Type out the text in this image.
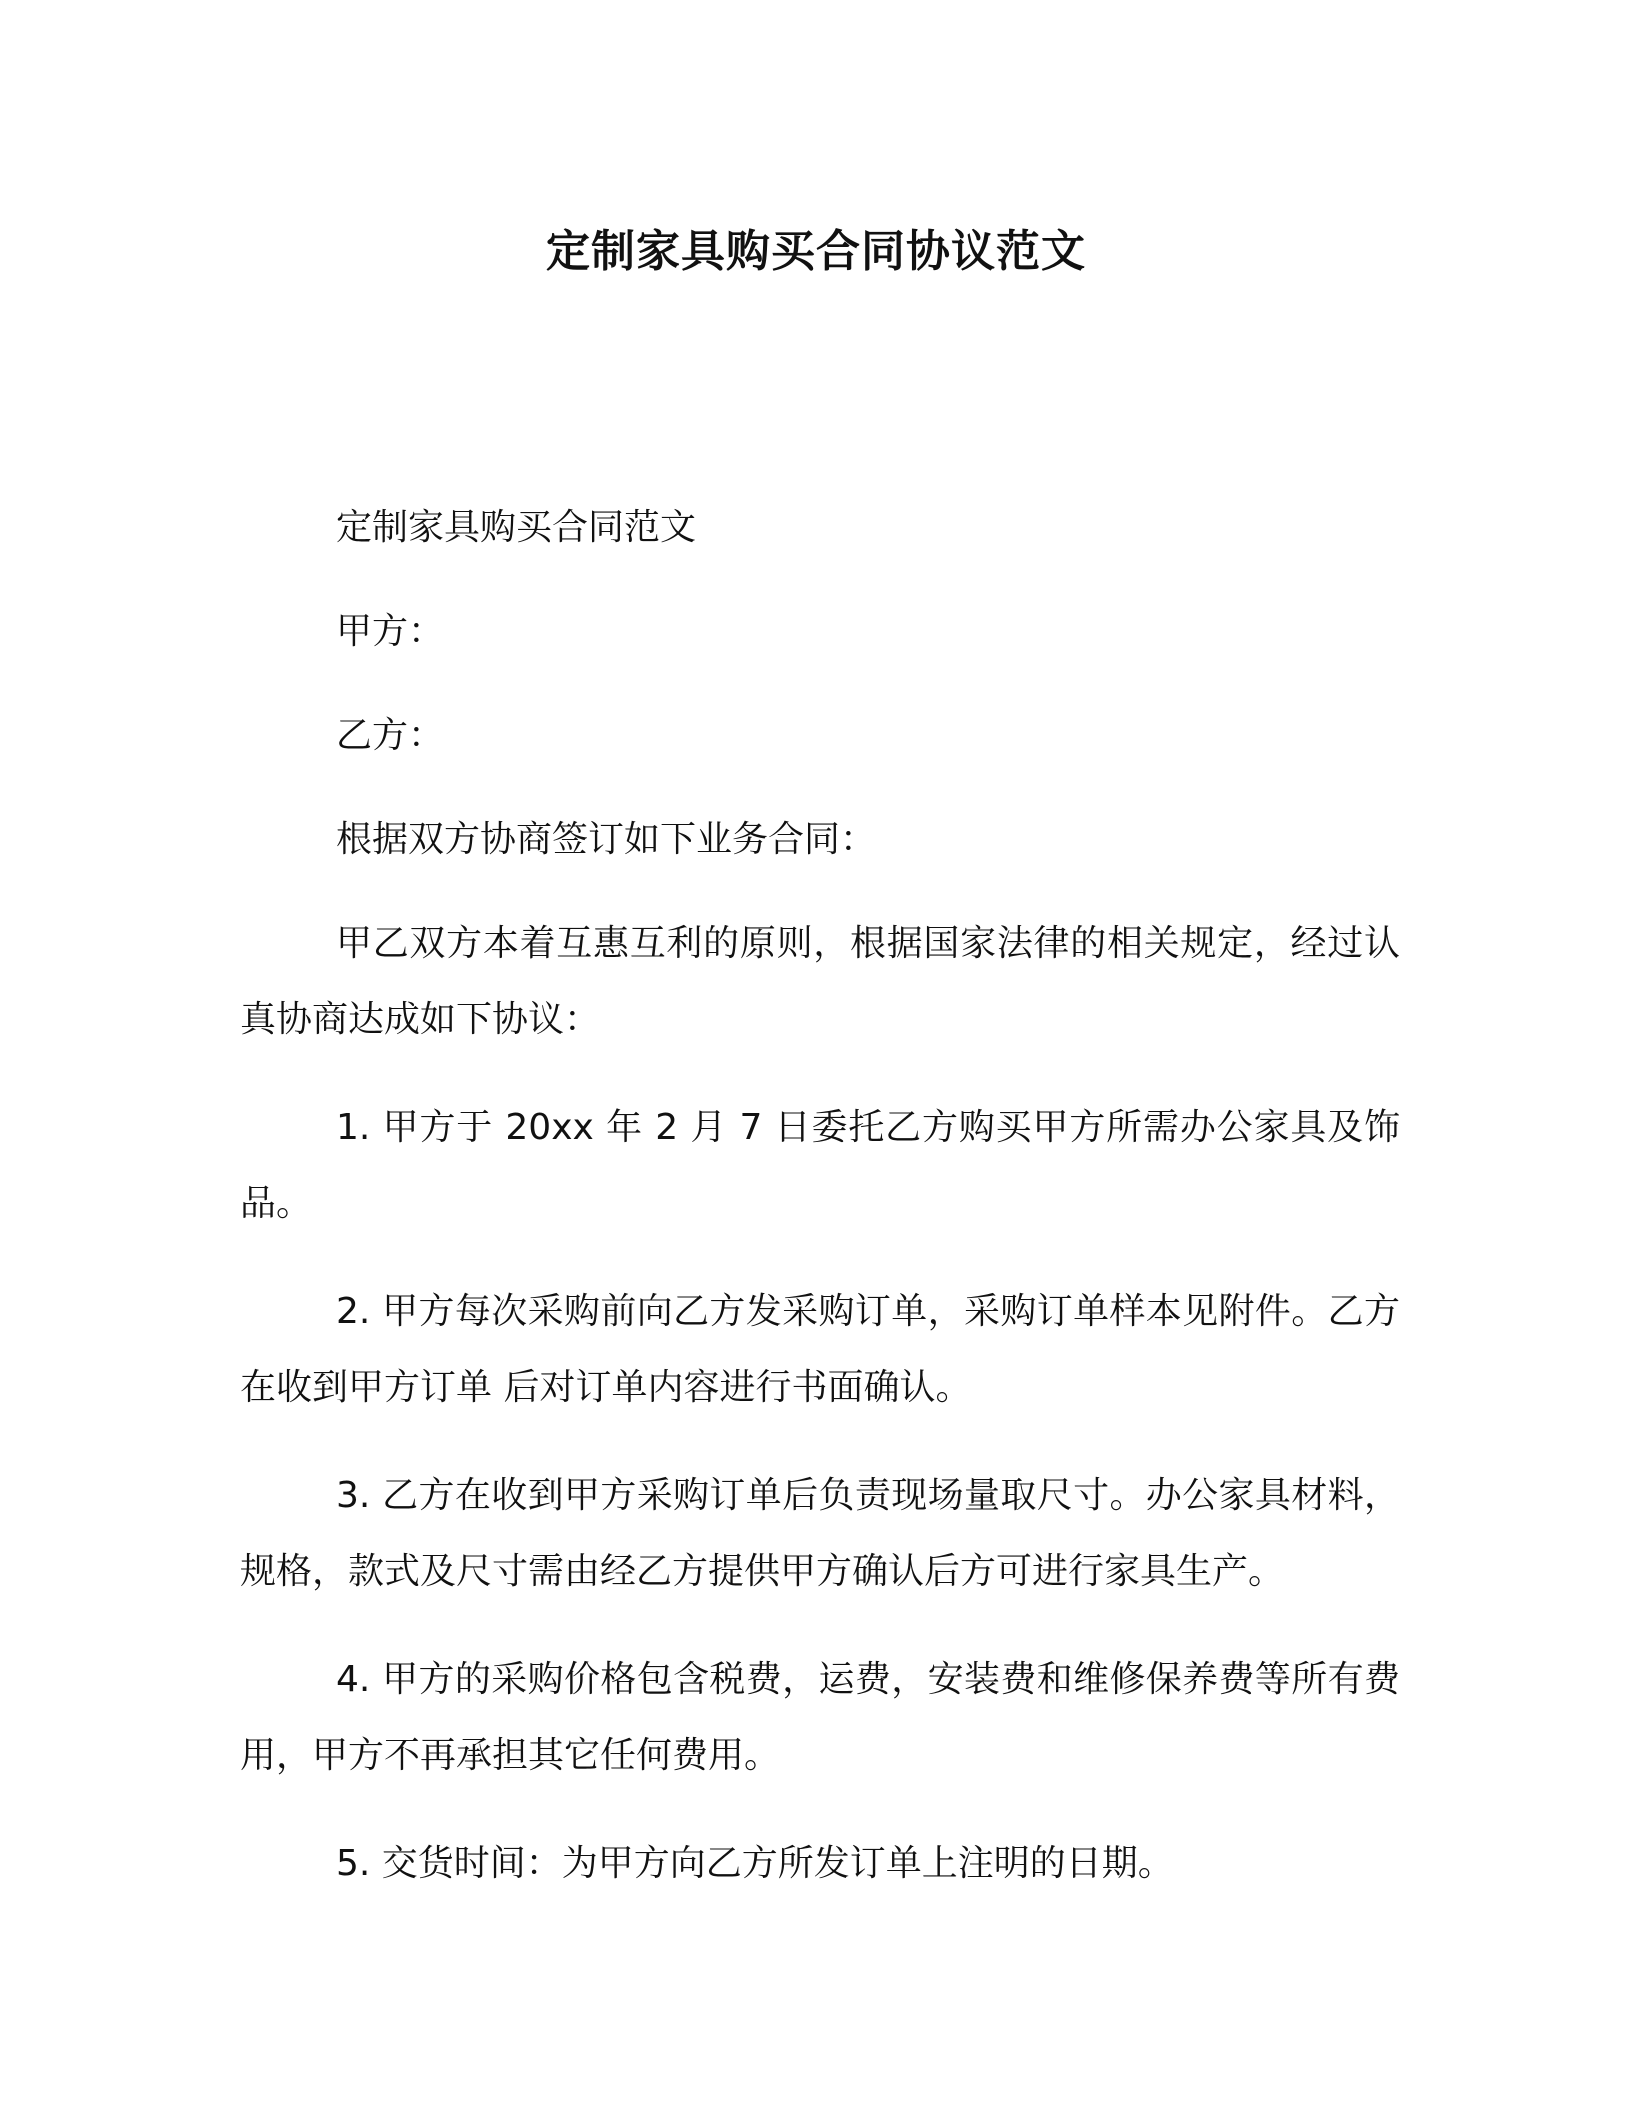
定制家具购买合同协议范文

定制家具购买合同范文

甲方：

乙方：

根据双方协商签订如下业务合同：

甲乙双方本着互惠互利的原则，根据国家法律的相关规定，经过认真协商达成如下协议：

1. 甲方于 20xx 年 2 月 7 日委托乙方购买甲方所需办公家具及饰品。

2. 甲方每次采购前向乙方发采购订单，采购订单样本见附件。乙方在收到甲方订单 后对订单内容进行书面确认。

3. 乙方在收到甲方采购订单后负责现场量取尺寸。办公家具材料，规格，款式及尺寸需由经乙方提供甲方确认后方可进行家具生产。

4. 甲方的采购价格包含税费，运费，安装费和维修保养费等所有费用，甲方不再承担其它任何费用。

5. 交货时间：为甲方向乙方所发订单上注明的日期。
